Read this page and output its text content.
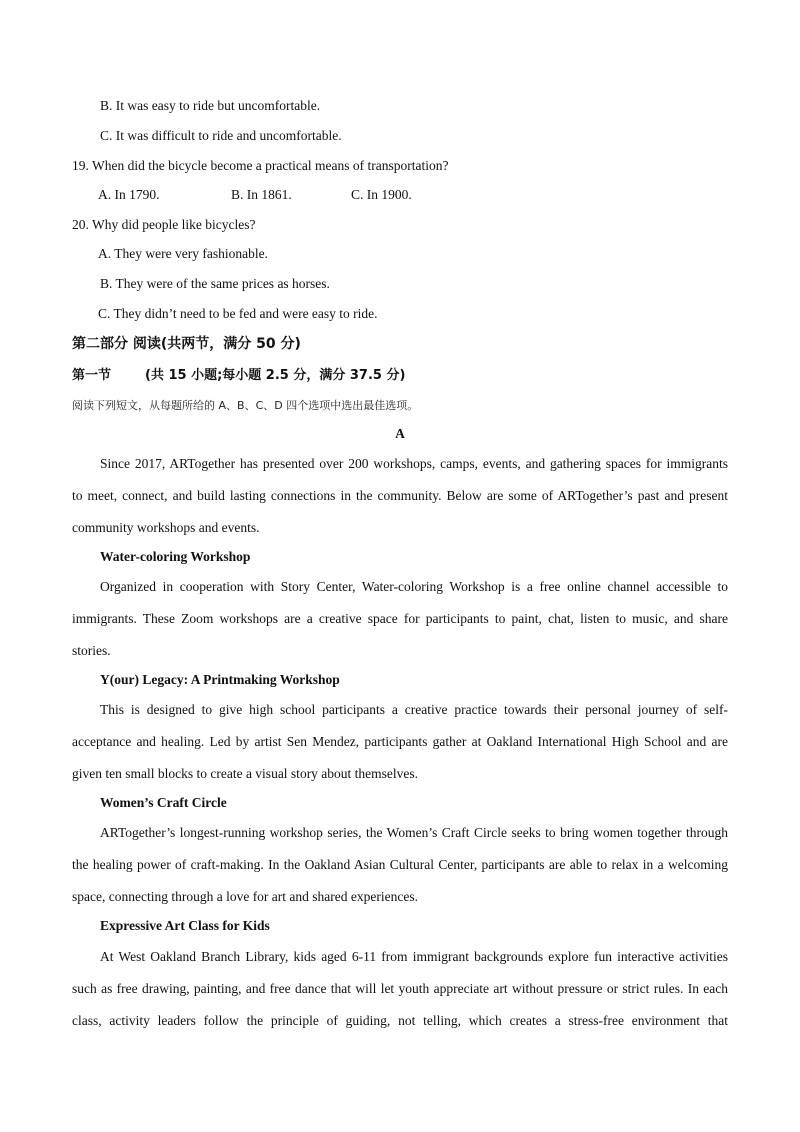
B. It was easy to ride but uncomfortable.
C. It was difficult to ride and uncomfortable.
19. When did the bicycle become a practical means of transportation?
A. In 1790.	B. In 1861.	C. In 1900.
20. Why did people like bicycles?
A. They were very fashionable.
B. They were of the same prices as horses.
C. They didn’t need to be fed and were easy to ride.
第二部分 阅读(共两节，满分 50 分)
第一节	(共 15 小题;每小题 2.5 分，满分 37.5 分)
阅读下列短文，从每题所给的 A、B、C、D 四个选项中选出最佳选项。
A
Since 2017, ARTogether has presented over 200 workshops, camps, events, and gathering spaces for immigrants
to meet, connect, and build lasting connections in the community. Below are some of ARTogether’s past and present
community workshops and events.
Water-coloring Workshop
Organized in cooperation with Story Center, Water-coloring Workshop is a free online channel accessible to
immigrants. These Zoom workshops are a creative space for participants to paint, chat, listen to music, and share
stories.
Y(our) Legacy: A Printmaking Workshop
This is designed to give high school participants a creative practice towards their personal journey of self-
acceptance and healing. Led by artist Sen Mendez, participants gather at Oakland International High School and are
given ten small blocks to create a visual story about themselves.
Women’s Craft Circle
ARTogether’s longest-running workshop series, the Women’s Craft Circle seeks to bring women together through
the healing power of craft-making. In the Oakland Asian Cultural Center, participants are able to relax in a welcoming
space, connecting through a love for art and shared experiences.
Expressive Art Class for Kids
At West Oakland Branch Library, kids aged 6-11 from immigrant backgrounds explore fun interactive activities
such as free drawing, painting, and free dance that will let youth appreciate art without pressure or strict rules. In each
class, activity leaders follow the principle of guiding, not telling, which creates a stress-free environment that
